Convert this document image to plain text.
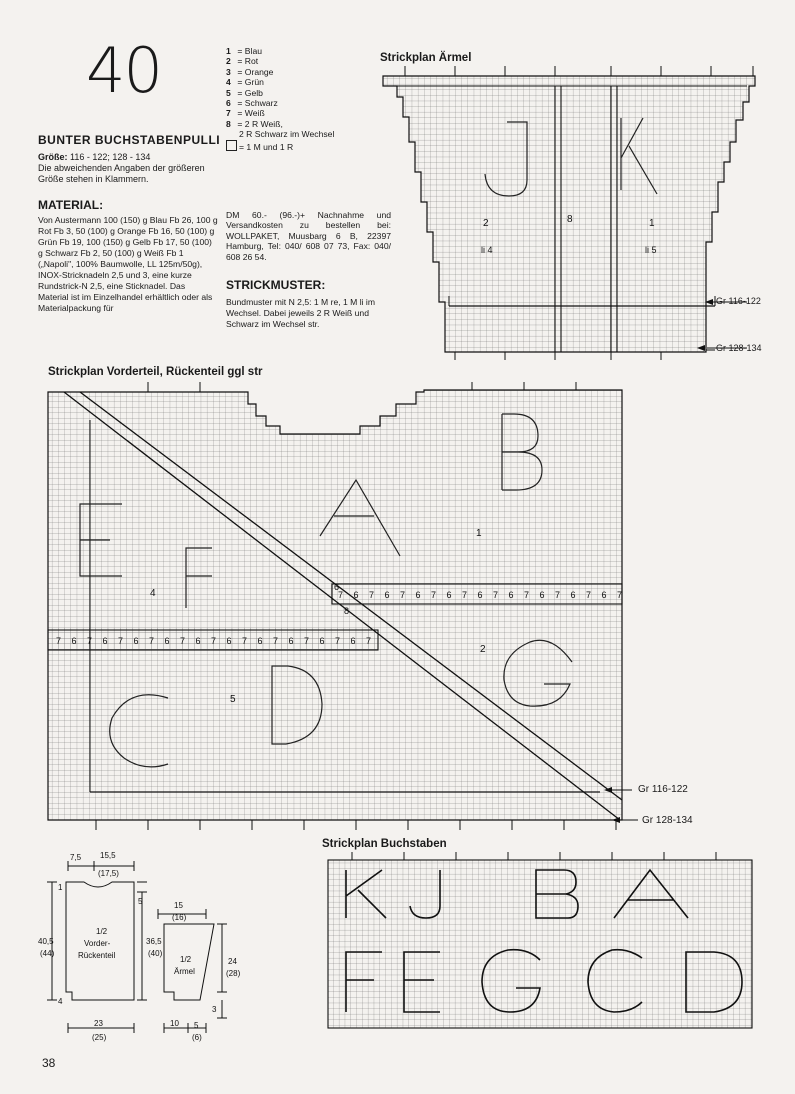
40
BUNTER BUCHSTABENPULLI
Größe: 116 - 122; 128 - 134
Die abweichenden Angaben der größeren Größe stehen in Klammern.
MATERIAL:
Von Austermann 100 (150) g Blau Fb 26, 100 g Rot Fb 3, 50 (100) g Orange Fb 16, 50 (100) g Grün Fb 19, 100 (150) g Gelb Fb 17, 50 (100) g Schwarz Fb 2, 50 (100) g Weiß Fb 1 („Napoli", 100% Baumwolle, LL 125m/50g), INOX-Stricknadeln 2,5 und 3, eine kurze Rundstrick-N 2,5, eine Sticknadel. Das Material ist im Einzelhandel erhältlich oder als Materialpackung für
1 = Blau
2 = Rot
3 = Orange
4 = Grün
5 = Gelb
6 = Schwarz
7 = Weiß
8 = 2 R Weiß,
2 R Schwarz im Wechsel
= 1 M und 1 R
DM 60.- (96.-)+ Nachnahme und Versandkosten zu bestellen bei: WOLLPAKET, Muusbarg 6 B, 22397 Hamburg, Tel: 040/ 608 07 73, Fax: 040/ 608 26 54.
STRICKMUSTER:
Bundmuster mit N 2,5: 1 M re, 1 M li im Wechsel. Dabei jeweils 2 R Weiß und Schwarz im Wechsel str.
Strickplan Ärmel
2	8	1
li 4	li 5
Gr 116-122
Gr 128-134
Strickplan Vorderteil, Rückenteil ggl str
1
4
2
5
6
8
7 6 7 6 7 6 7 6 7 6 7 6 7 6 7 6 7 6 7
7 6 7 6 7 6 7 6 7 6 7 6 7 6 7 6 7 6 7 6 7
Gr 116-122
Gr 128-134
Strickplan Buchstaben
7,5 15,5
(17,5)
1
5
40,5
(44)
36,5
(40)
4
23
(25)
1/2
Vorder-
Rückenteil
15
(16)
24
(28)
3
10 5
(6)
1/2
Ärmel
38
